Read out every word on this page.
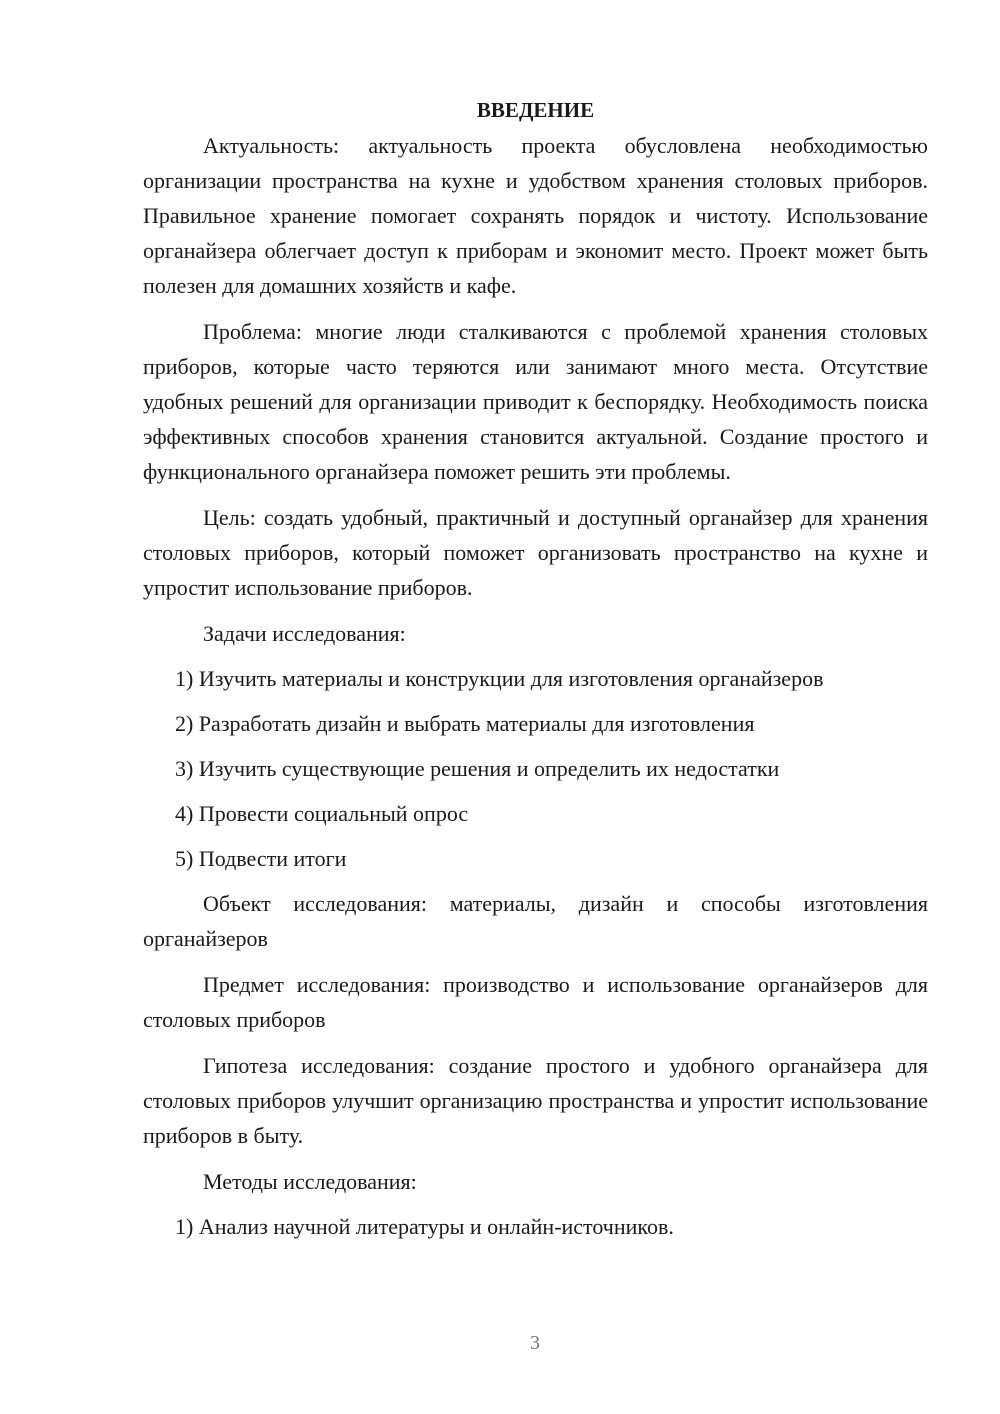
ВВЕДЕНИЕ

Актуальность: актуальность проекта обусловлена необходимостью организации пространства на кухне и удобством хранения столовых приборов. Правильное хранение помогает сохранять порядок и чистоту. Использование органайзера облегчает доступ к приборам и экономит место. Проект может быть полезен для домашних хозяйств и кафе.

Проблема: многие люди сталкиваются с проблемой хранения столовых приборов, которые часто теряются или занимают много места. Отсутствие удобных решений для организации приводит к беспорядку. Необходимость поиска эффективных способов хранения становится актуальной. Создание простого и функционального органайзера поможет решить эти проблемы.

Цель: создать удобный, практичный и доступный органайзер для хранения столовых приборов, который поможет организовать пространство на кухне и упростит использование приборов.

Задачи исследования:

1) Изучить материалы и конструкции для изготовления органайзеров

2) Разработать дизайн и выбрать материалы для изготовления

3) Изучить существующие решения и определить их недостатки

4) Провести социальный опрос

5) Подвести итоги

Объект исследования: материалы, дизайн и способы изготовления органайзеров

Предмет исследования: производство и использование органайзеров для столовых приборов

Гипотеза исследования: создание простого и удобного органайзера для столовых приборов улучшит организацию пространства и упростит использование приборов в быту.

Методы исследования:

1) Анализ научной литературы и онлайн-источников.

3
